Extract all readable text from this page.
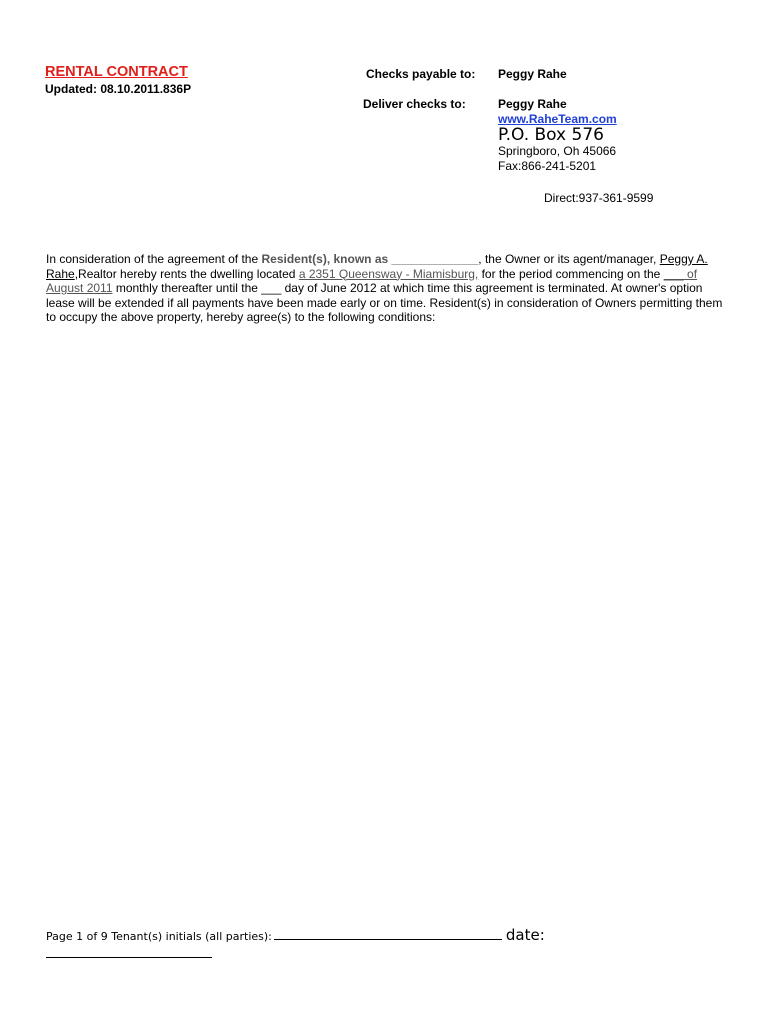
RENTAL CONTRACT
Updated: 08.10.2011.836P
Checks payable to: Peggy Rahe
Deliver checks to:	Peggy Rahe
www.RaheTeam.com
P.O. Box 576
Springboro, Oh 45066
Fax:866-241-5201
Direct:937-361-9599
In consideration of the agreement of the Resident(s), known as _____________, the Owner or its agent/manager, Peggy A. Rahe,Realtor hereby rents the dwelling located a 2351 Queensway - Miamisburg, for the period commencing on the ___ of August 2011 monthly thereafter until the ___ day of June 2012 at which time this agreement is terminated. At owner's option lease will be extended if all payments have been made early or on time. Resident(s) in consideration of Owners permitting them to occupy the above property, hereby agree(s) to the following conditions:
Page 1 of 9 Tenant(s) initials (all parties):	date:
